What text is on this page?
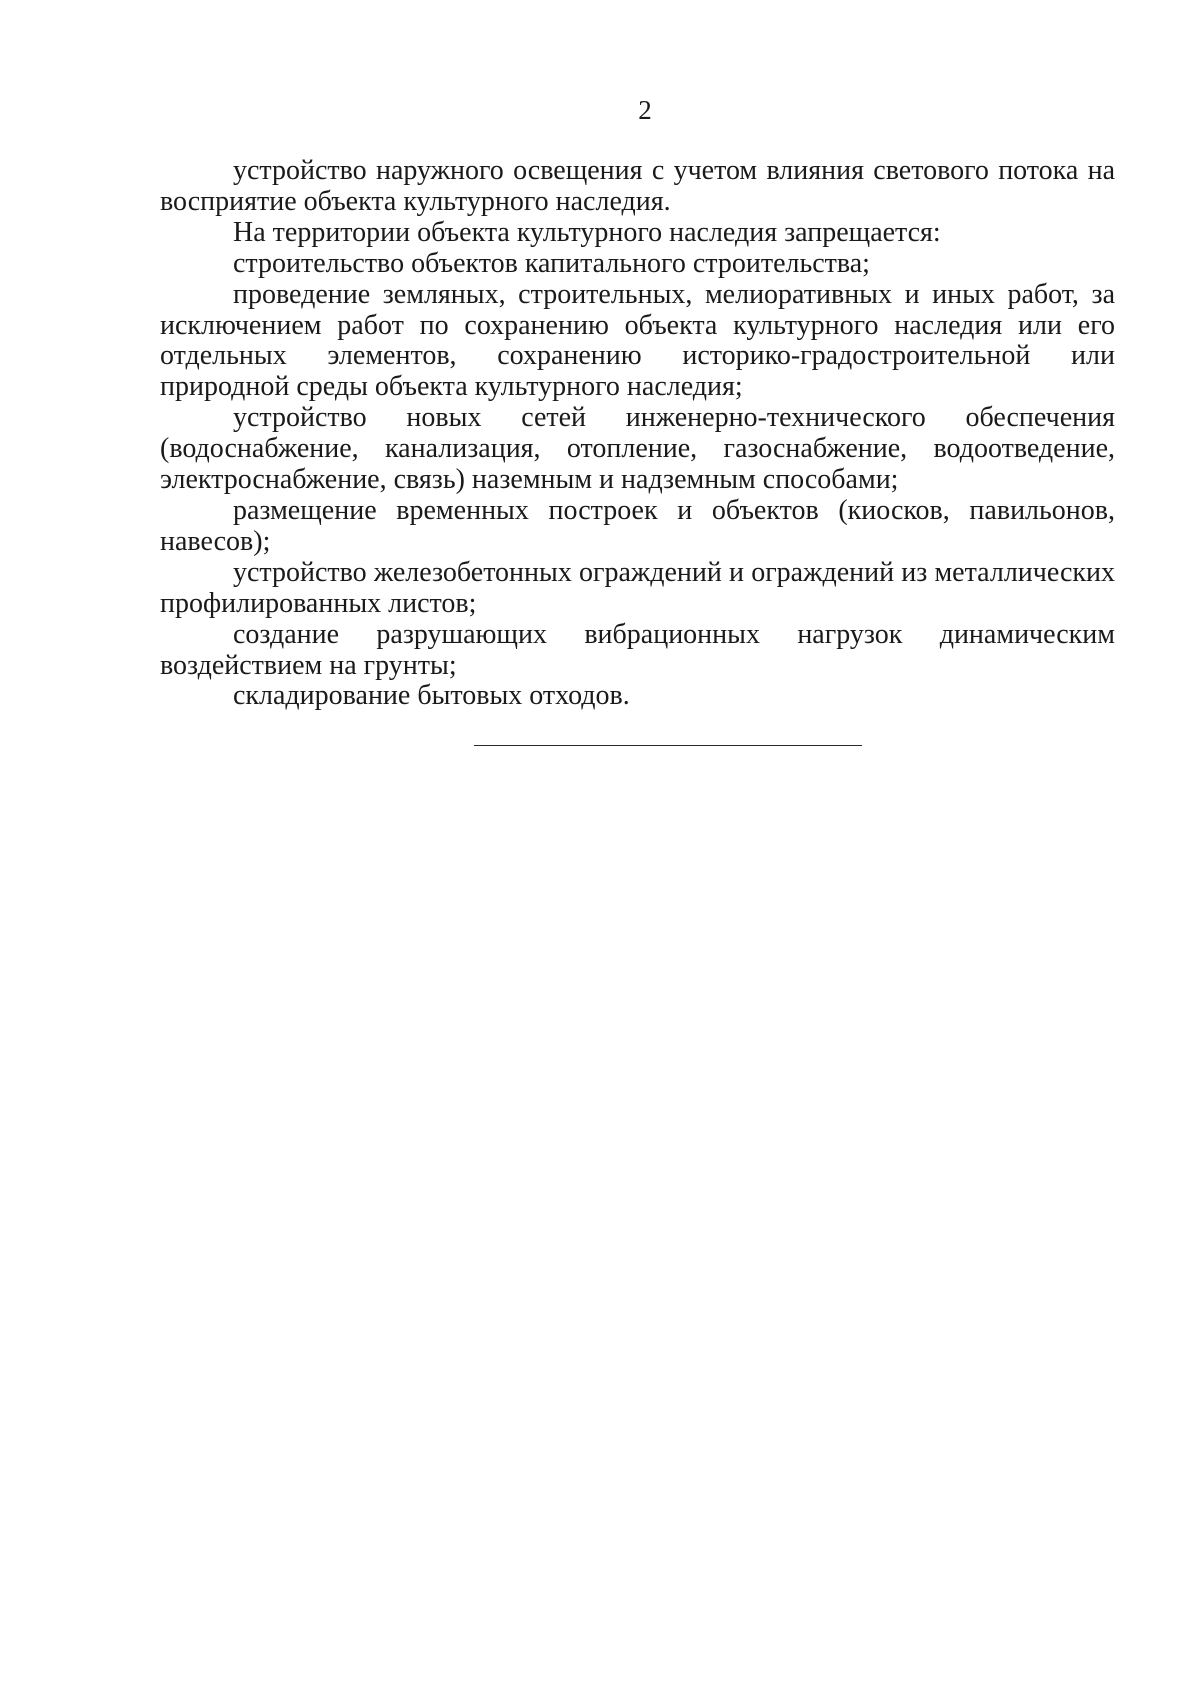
2

устройство наружного освещения с учетом влияния светового потока на восприятие объекта культурного наследия.

На территории объекта культурного наследия запрещается:

строительство объектов капитального строительства;

проведение земляных, строительных, мелиоративных и иных работ, за исключением работ по сохранению объекта культурного наследия или его отдельных элементов, сохранению историко-градостроительной или природной среды объекта культурного наследия;

устройство новых сетей инженерно-технического обеспечения (водоснабжение, канализация, отопление, газоснабжение, водоотведение, электроснабжение, связь) наземным и надземным способами;

размещение временных построек и объектов (киосков, павильонов, навесов);

устройство железобетонных ограждений и ограждений из металлических профилированных листов;

создание разрушающих вибрационных нагрузок динамическим воздействием на грунты;

складирование бытовых отходов.
